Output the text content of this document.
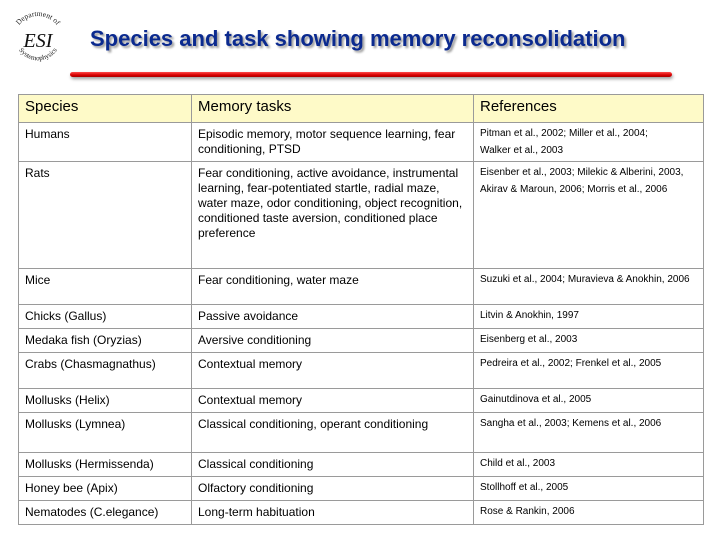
Department of
ESI
Systemophysics Species and task showing memory reconsolidation
Species	Memory tasks	References
Humans	Episodic memory, motor sequence learning, fear conditioning, PTSD	Pitman et al., 2002; Miller et al., 2004;
Walker et al., 2003

Rats	Fear conditioning, active avoidance, instrumental learning, fear-potentiated startle, radial maze, water maze, odor conditioning, object recognition, conditioned taste aversion, conditioned place preference	Eisenber et al., 2003; Milekic & Alberini, 2003,
Akirav & Maroun, 2006; Morris et al., 2006

Mice	Fear conditioning, water maze	Suzuki et al., 2004; Muravieva & Anokhin, 2006

Chicks (Gallus)	Passive avoidance	Litvin & Anokhin, 1997

Medaka fish (Oryzias)	Aversive conditioning	Eisenberg et al., 2003

Crabs (Chasmagnathus)	Contextual memory	Pedreira et al., 2002; Frenkel et al., 2005

Mollusks (Helix)	Contextual memory	Gainutdinova et al., 2005

Mollusks (Lymnea)	Classical conditioning, operant conditioning	Sangha et al., 2003; Kemens et al., 2006

Mollusks (Hermissenda)	Classical conditioning	Child et al., 2003

Honey bee (Apix)	Olfactory conditioning	Stollhoff et al., 2005

Nematodes (C.elegance)	Long-term habituation	Rose & Rankin, 2006
